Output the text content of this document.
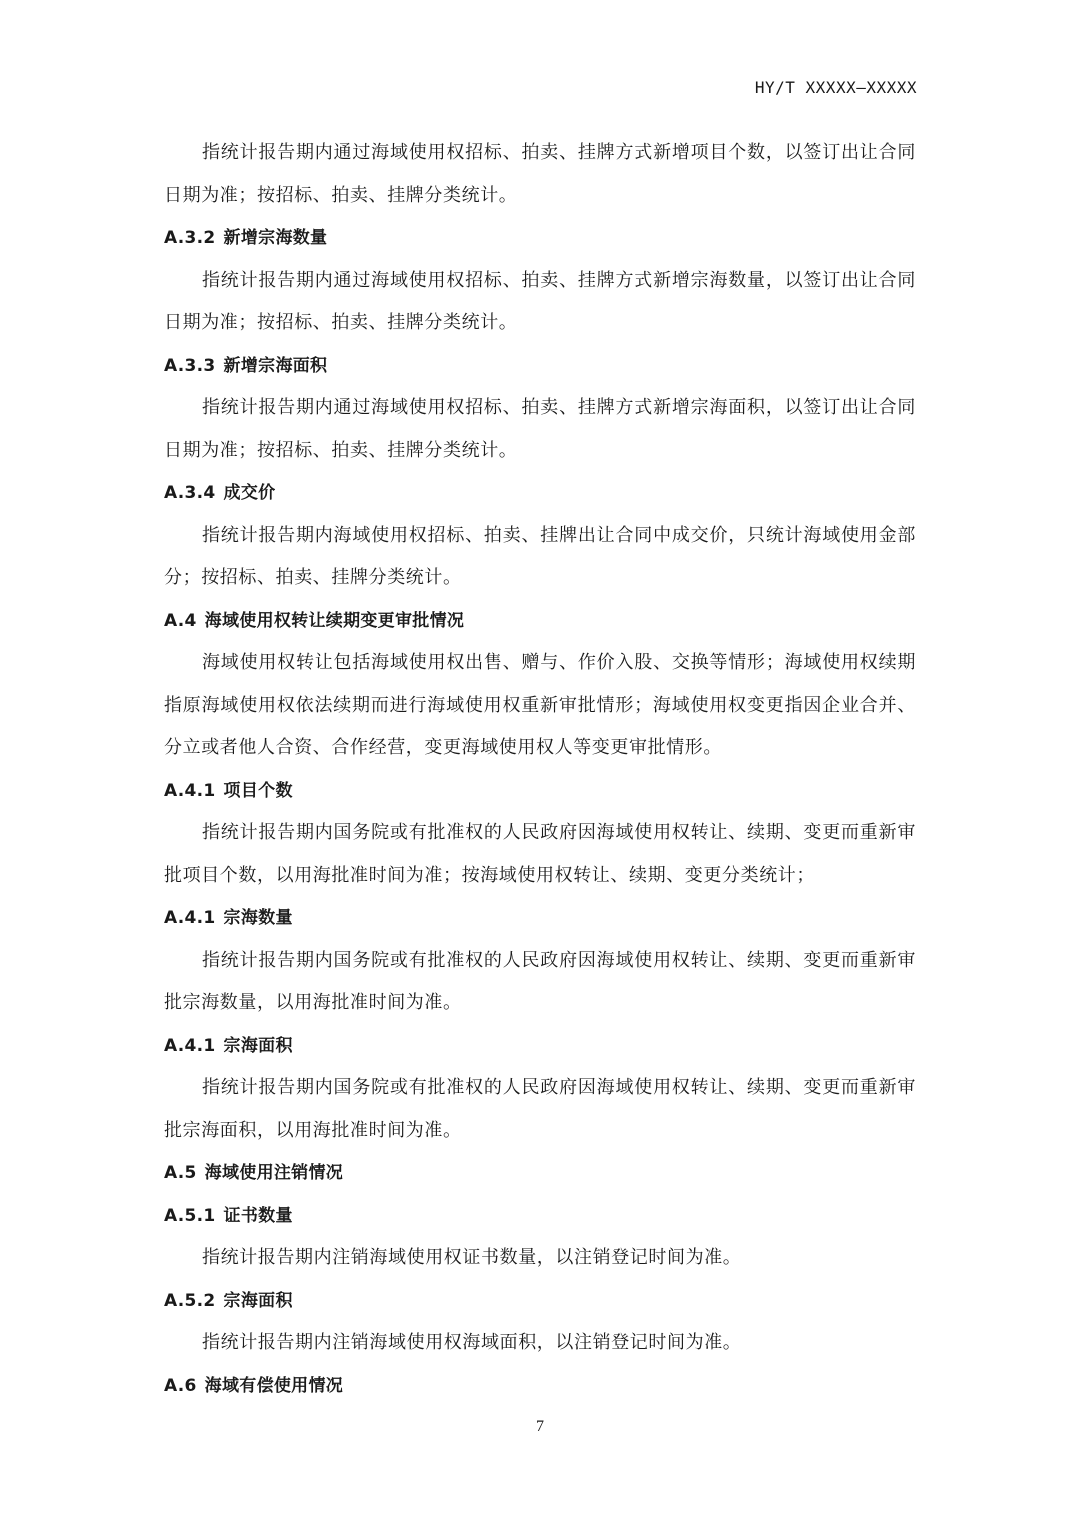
HY/T XXXXX—XXXXX

指统计报告期内通过海域使用权招标、拍卖、挂牌方式新增项目个数，以签订出让合同日期为准；按招标、拍卖、挂牌分类统计。

A.3.2 新增宗海数量

指统计报告期内通过海域使用权招标、拍卖、挂牌方式新增宗海数量，以签订出让合同日期为准；按招标、拍卖、挂牌分类统计。

A.3.3 新增宗海面积

指统计报告期内通过海域使用权招标、拍卖、挂牌方式新增宗海面积，以签订出让合同日期为准；按招标、拍卖、挂牌分类统计。

A.3.4 成交价

指统计报告期内海域使用权招标、拍卖、挂牌出让合同中成交价，只统计海域使用金部分；按招标、拍卖、挂牌分类统计。

A.4 海域使用权转让续期变更审批情况

海域使用权转让包括海域使用权出售、赠与、作价入股、交换等情形；海域使用权续期指原海域使用权依法续期而进行海域使用权重新审批情形；海域使用权变更指因企业合并、分立或者他人合资、合作经营，变更海域使用权人等变更审批情形。

A.4.1 项目个数

指统计报告期内国务院或有批准权的人民政府因海域使用权转让、续期、变更而重新审批项目个数，以用海批准时间为准；按海域使用权转让、续期、变更分类统计；

A.4.1 宗海数量

指统计报告期内国务院或有批准权的人民政府因海域使用权转让、续期、变更而重新审批宗海数量，以用海批准时间为准。

A.4.1 宗海面积

指统计报告期内国务院或有批准权的人民政府因海域使用权转让、续期、变更而重新审批宗海面积，以用海批准时间为准。

A.5 海域使用注销情况

A.5.1 证书数量

指统计报告期内注销海域使用权证书数量，以注销登记时间为准。

A.5.2 宗海面积

指统计报告期内注销海域使用权海域面积，以注销登记时间为准。

A.6 海域有偿使用情况

7
